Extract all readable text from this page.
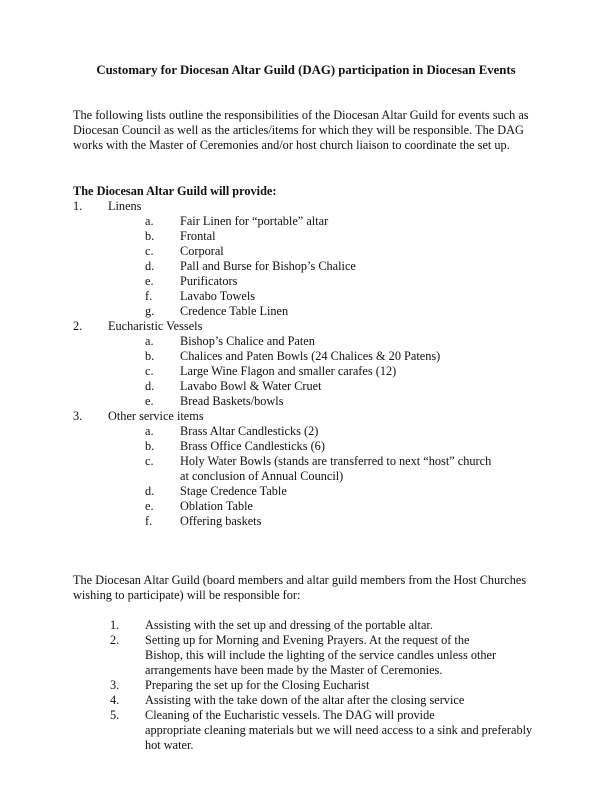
Customary for Diocesan Altar Guild (DAG) participation in Diocesan Events
The following lists outline the responsibilities of the Diocesan Altar Guild for events such as
Diocesan Council as well as the articles/items for which they will be responsible. The DAG
works with the Master of Ceremonies and/or host church liaison to coordinate the set up.
The Diocesan Altar Guild will provide:
1. Linens
a. Fair Linen for “portable” altar
b. Frontal
c. Corporal
d. Pall and Burse for Bishop’s Chalice
e. Purificators
f. Lavabo Towels
g. Credence Table Linen
2. Eucharistic Vessels
a. Bishop’s Chalice and Paten
b. Chalices and Paten Bowls (24 Chalices & 20 Patens)
c. Large Wine Flagon and smaller carafes (12)
d. Lavabo Bowl & Water Cruet
e. Bread Baskets/bowls
3. Other service items
a. Brass Altar Candlesticks (2)
b. Brass Office Candlesticks (6)
c. Holy Water Bowls (stands are transferred to next “host” church
at conclusion of Annual Council)
d. Stage Credence Table
e. Oblation Table
f. Offering baskets
The Diocesan Altar Guild (board members and altar guild members from the Host Churches
wishing to participate) will be responsible for:
1. Assisting with the set up and dressing of the portable altar.
2. Setting up for Morning and Evening Prayers. At the request of the
Bishop, this will include the lighting of the service candles unless other
arrangements have been made by the Master of Ceremonies.
3. Preparing the set up for the Closing Eucharist
4. Assisting with the take down of the altar after the closing service
5. Cleaning of the Eucharistic vessels. The DAG will provide
appropriate cleaning materials but we will need access to a sink and preferably
hot water.
